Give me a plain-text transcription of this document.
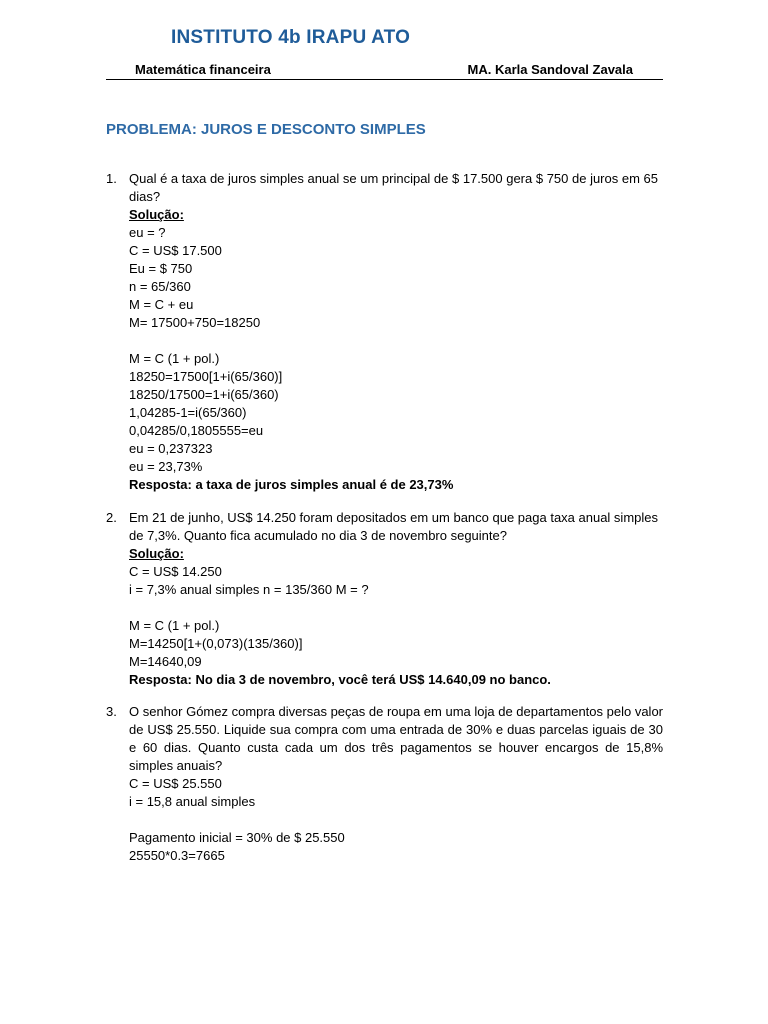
INSTITUTO 4b IRAPU ATO
Matemática financeira	MA. Karla Sandoval Zavala
PROBLEMA: JUROS E DESCONTO SIMPLES
1. Qual é a taxa de juros simples anual se um principal de $ 17.500 gera $ 750 de juros em 65 dias?
Solução:
eu = ?
C = US$ 17.500
Eu = $ 750
n = 65/360
M = C + eu
M= 17500+750=18250
M = C (1 + pol.)
18250=17500[1+i(65/360)]
18250/17500=1+i(65/360)
1,04285-1=i(65/360)
0,04285/0,1805555=eu
eu = 0,237323
eu = 23,73%
Resposta: a taxa de juros simples anual é de 23,73%
2. Em 21 de junho, US$ 14.250 foram depositados em um banco que paga taxa anual simples de 7,3%. Quanto fica acumulado no dia 3 de novembro seguinte?
Solução:
C = US$ 14.250
i = 7,3% anual simples n = 135/360 M = ?
M = C (1 + pol.)
M=14250[1+(0,073)(135/360)]
M=14640,09
Resposta: No dia 3 de novembro, você terá US$ 14.640,09 no banco.
3. O senhor Gómez compra diversas peças de roupa em uma loja de departamentos pelo valor de US$ 25.550. Liquide sua compra com uma entrada de 30% e duas parcelas iguais de 30 e 60 dias. Quanto custa cada um dos três pagamentos se houver encargos de 15,8% simples anuais?
C = US$ 25.550
i = 15,8 anual simples
Pagamento inicial = 30% de $ 25.550
25550*0.3=7665
